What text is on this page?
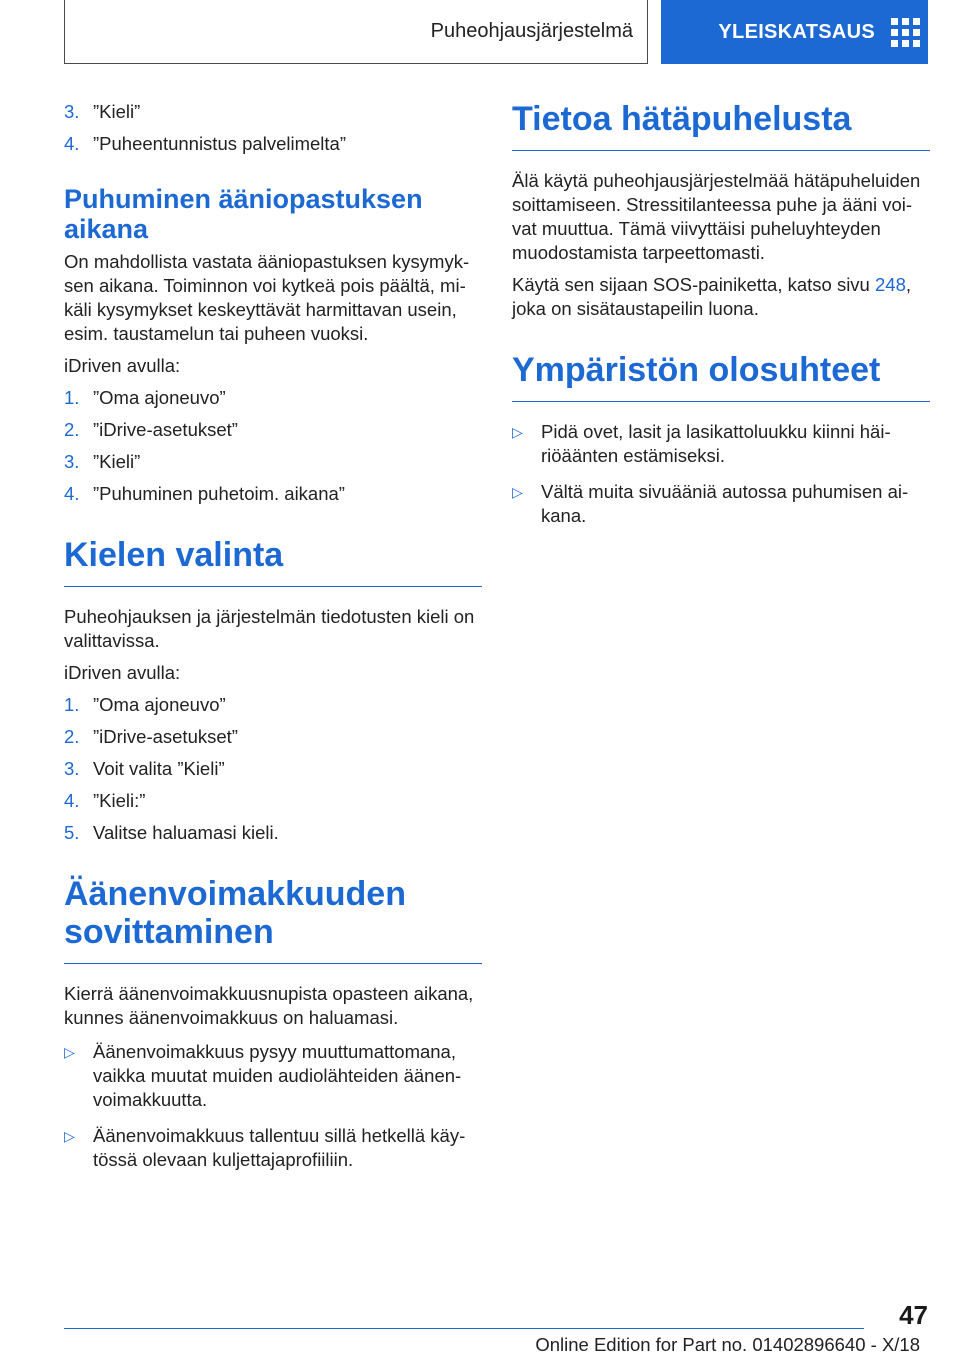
Puheohjausjärjestelmä	YLEISKATSAUS
3. ”Kieli”
4. ”Puheentunnistus palvelimelta”
Puhuminen ääniopastuksen aikana

On mahdollista vastata ääniopastuksen kysymyksen aikana. Toiminnon voi kytkeä pois päältä, mikäli kysymykset keskeyttävät harmittavan usein, esim. taustamelun tai puheen vuoksi.

iDriven avulla:

1. ”Oma ajoneuvo”
2. ”iDrive-asetukset”
3. ”Kieli”
4. ”Puhuminen puhetoim. aikana”
Kielen valinta

Puheohjauksen ja järjestelmän tiedotusten kieli on valittavissa.

iDriven avulla:

1. ”Oma ajoneuvo”
2. ”iDrive-asetukset”
3. Voit valita ”Kieli”
4. ”Kieli:”
5. Valitse haluamasi kieli.
Äänenvoimakkuuden sovittaminen

Kierrä äänenvoimakkuusnupista opasteen aikana, kunnes äänenvoimakkuus on haluamasi.

▷ Äänenvoimakkuus pysyy muuttumattomana, vaikka muutat muiden audiolähteiden äänenvoimakkuutta.
▷ Äänenvoimakkuus tallentuu sillä hetkellä käytössä olevaan kuljettajaprofiiliin.
Tietoa hätäpuhelusta

Älä käytä puheohjausjärjestelmää hätäpuheluiden soittamiseen. Stressitilanteessa puhe ja ääni voivat muuttua. Tämä viivyttäisi puheluyhteyden muodostamista tarpeettomasti.

Käytä sen sijaan SOS-painiketta, katso sivu 248, joka on sisätaustapeilin luona.

Ympäristön olosuhteet
▷ Pidä ovet, lasit ja lasikattoluukku kiinni häiriöäänten estämiseksi.
▷ Vältä muita sivuääniä autossa puhumisen aikana.
47
Online Edition for Part no. 01402896640 - X/18
